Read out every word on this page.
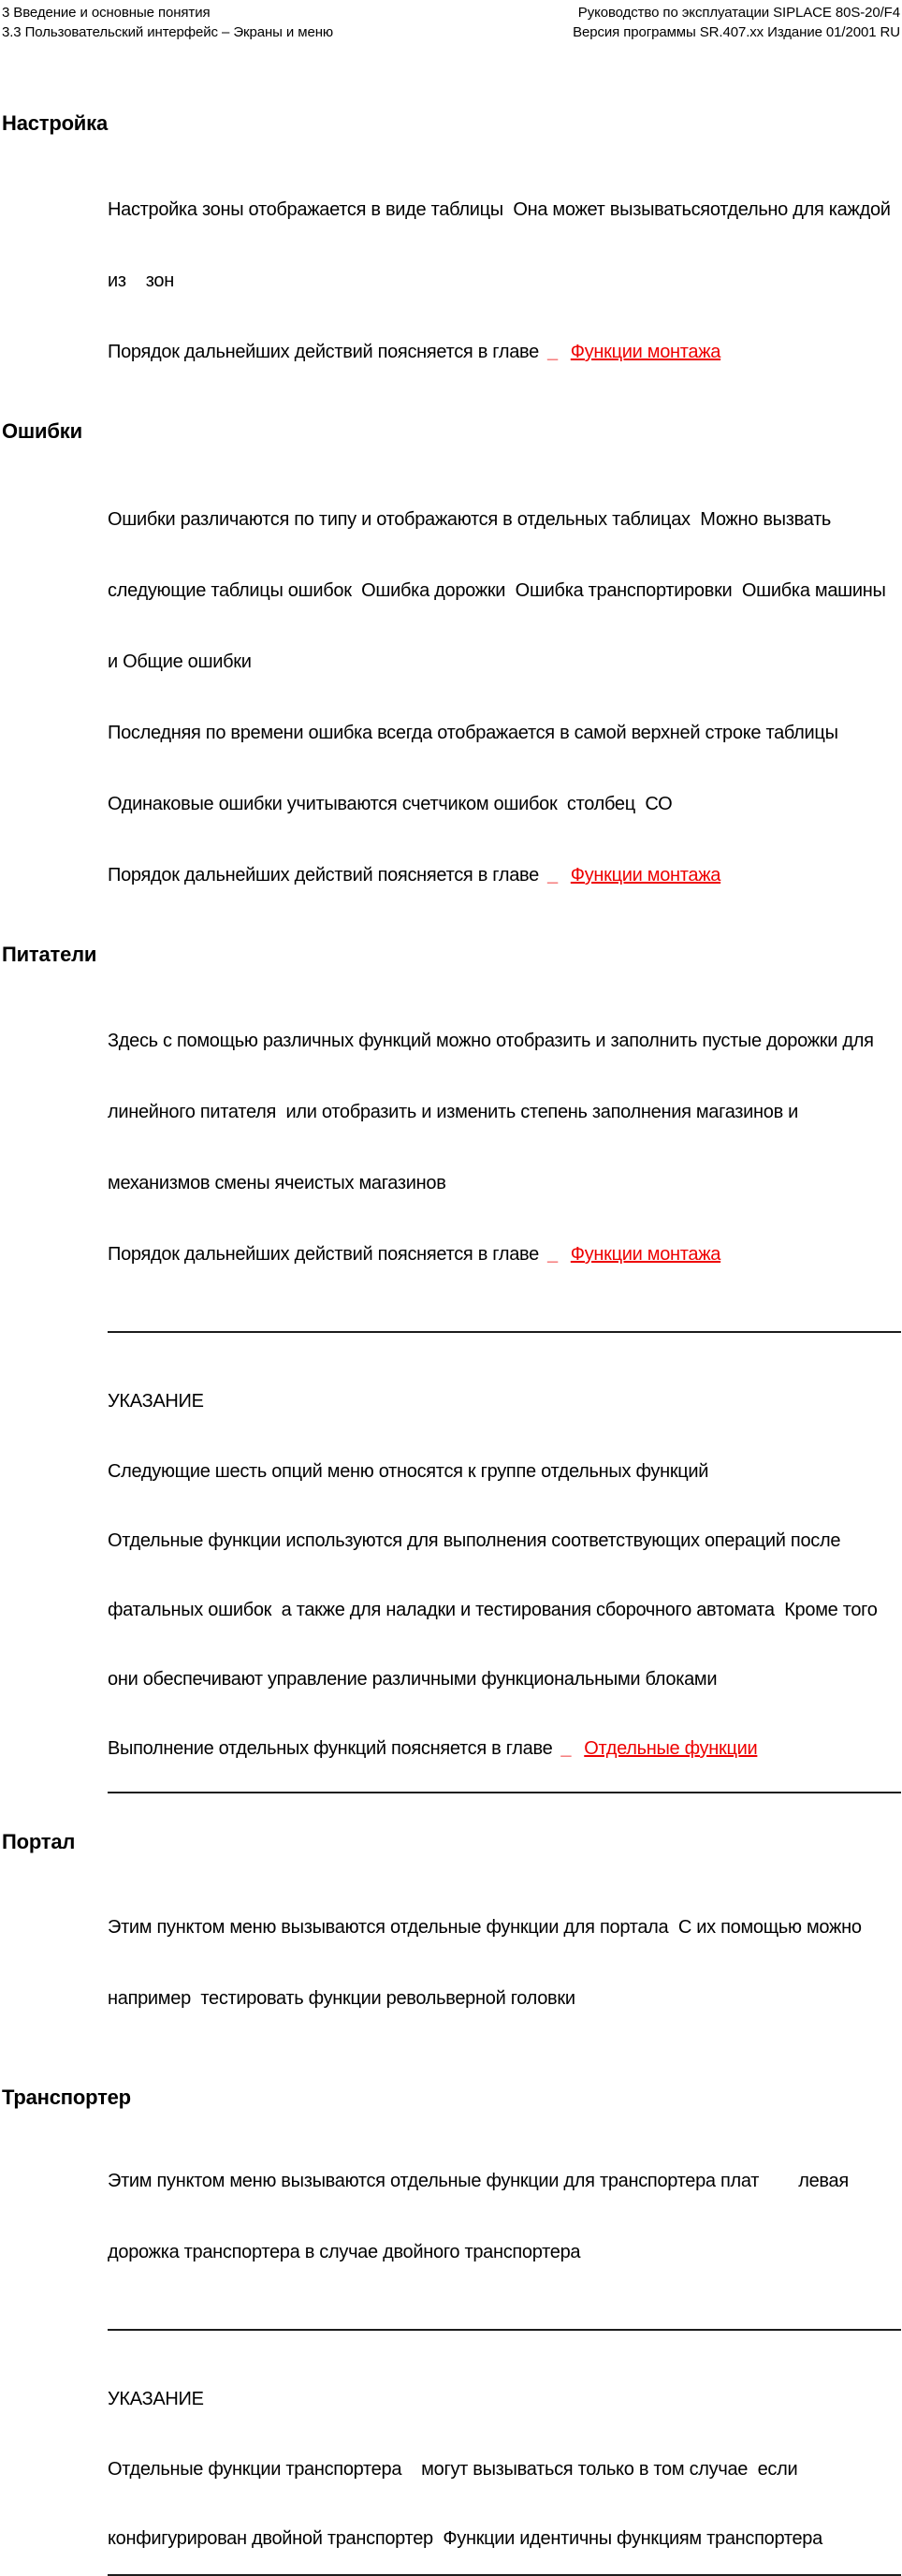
3 Введение и основные понятия
3.3 Пользовательский интерфейс – Экраны и меню
Руководство по эксплуатации SIPLACE 80S-20/F4
Версия программы SR.407.xx Издание 01/2001 RU
Настройка

Настройка зоны отображается в виде таблицы  Она может вызыватьсяотдельно для каждой

из    зон

Порядок дальнейших действий поясняется в главе _ Функции монтажа

Ошибки

Ошибки различаются по типу и отображаются в отдельных таблицах  Можно вызвать

следующие таблицы ошибок  Ошибка дорожки  Ошибка транспортировки  Ошибка машины

и Общие ошибки

Последняя по времени ошибка всегда отображается в самой верхней строке таблицы

Одинаковые ошибки учитываются счетчиком ошибок  столбец  СО

Порядок дальнейших действий поясняется в главе _ Функции монтажа

Питатели

Здесь с помощью различных функций можно отобразить и заполнить пустые дорожки для

линейного питателя  или отобразить и изменить степень заполнения магазинов и

механизмов смены ячеистых магазинов

Порядок дальнейших действий поясняется в главе _ Функции монтажа

УКАЗАНИЕ

Следующие шесть опций меню относятся к группе отдельных функций

Отдельные функции используются для выполнения соответствующих операций после

фатальных ошибок  а также для наладки и тестирования сборочного автомата  Кроме того

они обеспечивают управление различными функциональными блоками

Выполнение отдельных функций поясняется в главе _ Отдельные функции

Портал

Этим пунктом меню вызываются отдельные функции для портала  С их помощью можно

например  тестировать функции револьверной головки

Транспортер

Этим пунктом меню вызываются отдельные функции для транспортера плат        левая

дорожка транспортера в случае двойного транспортера

УКАЗАНИЕ

Отдельные функции транспортера    могут вызываться только в том случае  если

конфигурирован двойной транспортер  Функции идентичны функциям транспортера
